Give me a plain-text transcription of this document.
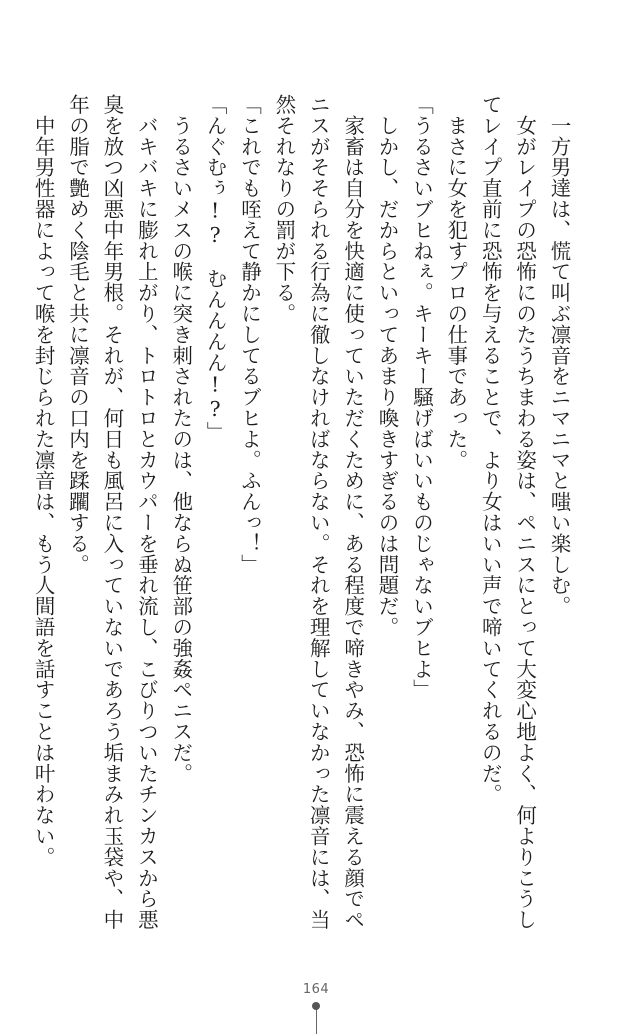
　一方男達は、慌て叫ぶ凛音をニマニマと嗤い楽しむ。
　女がレイプの恐怖にのたうちまわる姿は、ペニスにとって大変心地よく、何よりこうし
てレイプ直前に恐怖を与えることで、より女はいい声で啼いてくれるのだ。
　まさに女を犯すプロの仕事であった。
「うるさいブヒねぇ。キーキー騒げばいいものじゃないブヒよ」
　しかし、だからといってあまり喚きすぎるのは問題だ。
　家畜は自分を快適に使っていただくために、ある程度で啼きやみ、恐怖に震える顔でペ
ニスがそそられる行為に徹しなければならない。それを理解していなかった凛音には、当
然それなりの罰が下る。
「これでも咥えて静かにしてるブヒよ。ふんっ！」
「んぐむぅ!?　むんんんん!?」
　うるさいメスの喉に突き刺されたのは、他ならぬ笹部の強姦ペニスだ。
　バキバキに膨れ上がり、トロトロとカウパーを垂れ流し、こびりついたチンカスから悪
臭を放つ凶悪中年男根。それが、何日も風呂に入っていないであろう垢まみれ玉袋や、中
年の脂で艶めく陰毛と共に凛音の口内を蹂躙する。
　中年男性器によって喉を封じられた凛音は、もう人間語を話すことは叶わない。
164
